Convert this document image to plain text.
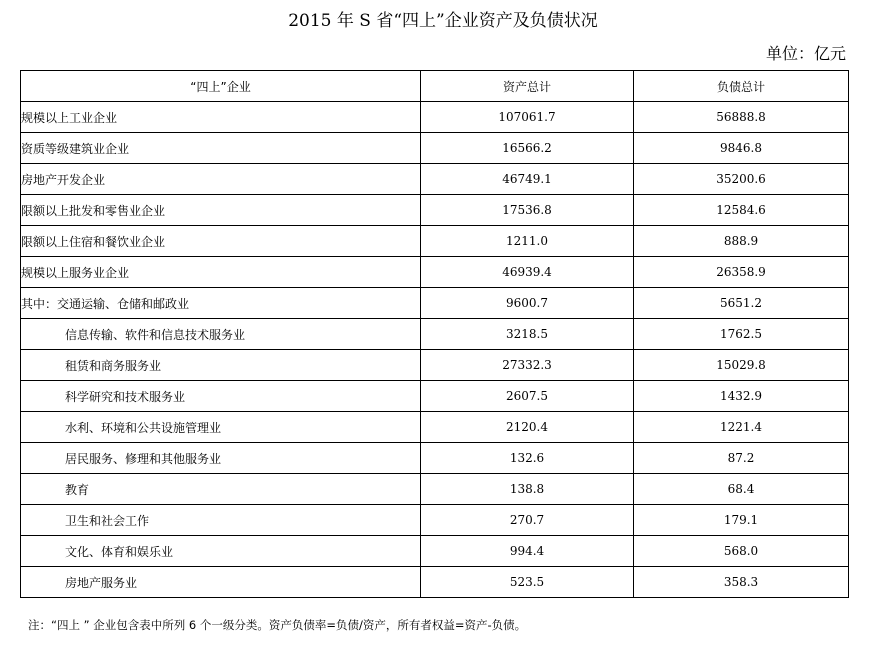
2015 年 S 省“四上”企业资产及负债状况
单位：亿元
“四上”企业	资产总计	负债总计
规模以上工业企业	107061.7	56888.8
资质等级建筑业企业	16566.2	9846.8
房地产开发企业	46749.1	35200.6
限额以上批发和零售业企业	17536.8	12584.6
限额以上住宿和餐饮业企业	1211.0	888.9
规模以上服务业企业	46939.4	26358.9
其中：交通运输、仓储和邮政业	9600.7	5651.2
信息传输、软件和信息技术服务业	3218.5	1762.5
租赁和商务服务业	27332.3	15029.8
科学研究和技术服务业	2607.5	1432.9
水利、环境和公共设施管理业	2120.4	1221.4
居民服务、修理和其他服务业	132.6	87.2
教育	138.8	68.4
卫生和社会工作	270.7	179.1
文化、体育和娱乐业	994.4	568.0
房地产服务业	523.5	358.3
注：“四上 ” 企业包含表中所列 6 个一级分类。资产负债率=负债/资产，所有者权益=资产-负债。
